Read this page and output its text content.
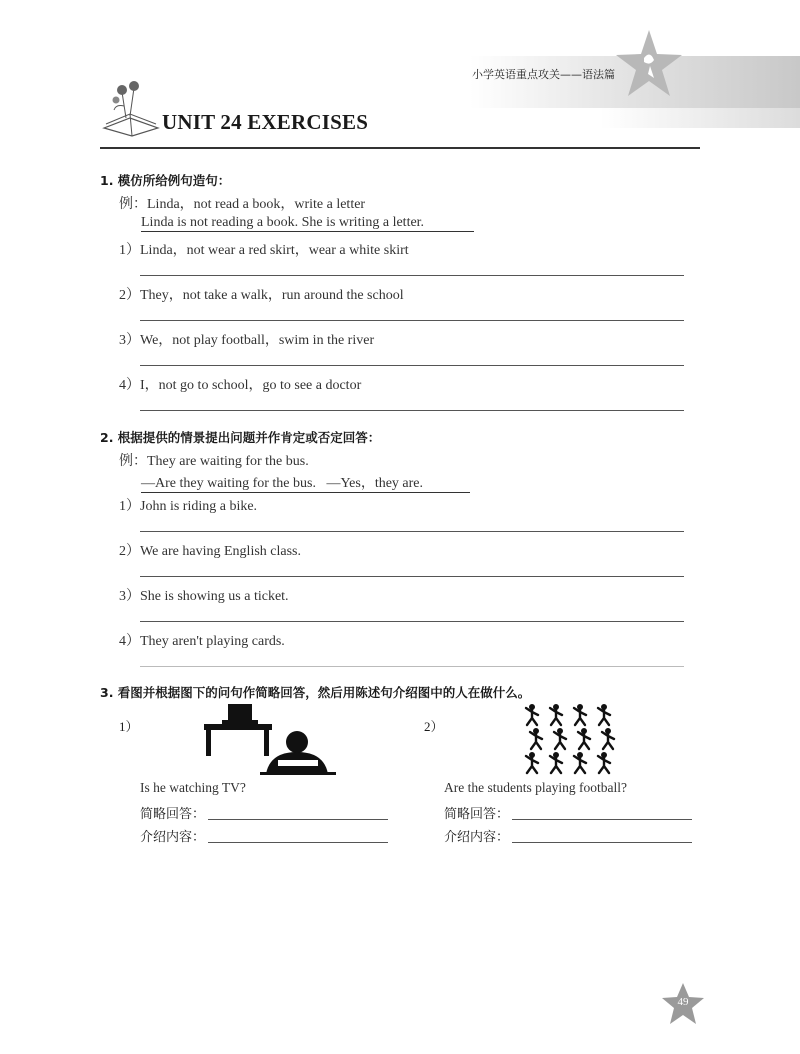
小学英语重点攻关——语法篇
UNIT 24 EXERCISES
1. 模仿所给例句造句：
例：Linda，not read a book，write a letter
Linda is not reading a book. She is writing a letter.
1）Linda，not wear a red skirt，wear a white skirt
2）They，not take a walk，run around the school
3）We，not play football，swim in the river
4）I，not go to school，go to see a doctor
2. 根据提供的情景提出问题并作肯定或否定回答：
例：They are waiting for the bus.
—Are they waiting for the bus.   —Yes，they are.
1）John is riding a bike.
2）We are having English class.
3）She is showing us a ticket.
4）They aren't playing cards.
3. 看图并根据图下的问句作简略回答，然后用陈述句介绍图中的人在做什么。
1）
Is he watching TV?
简略回答：
介绍内容：
2）
Are the students playing football?
简略回答：
介绍内容：
49
